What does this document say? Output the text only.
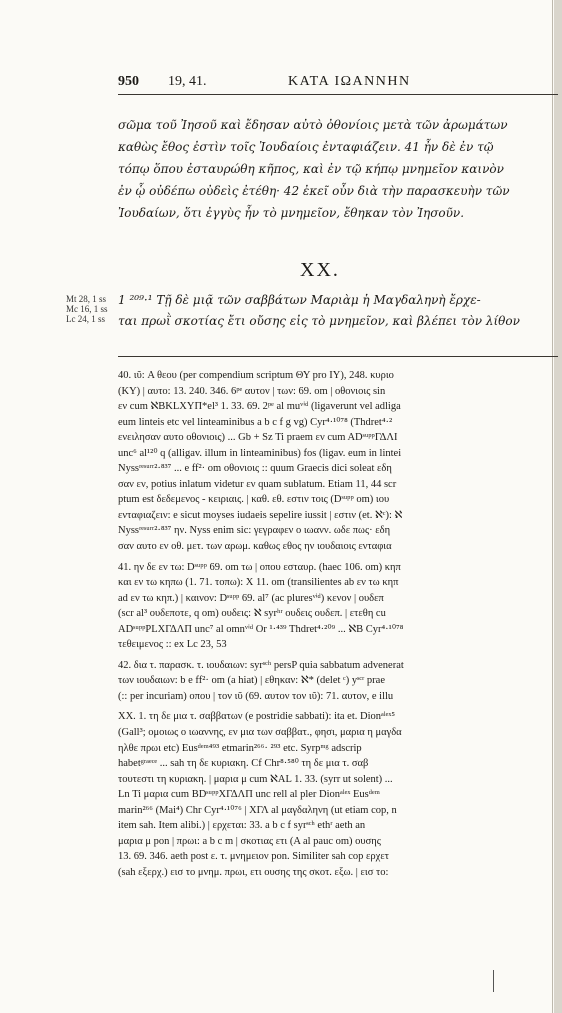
950 19, 41.	ΚΑΤΑ ΙΩΑΝΝΗΝ
σῶμα τοῦ Ἰησοῦ καὶ ἔδησαν αὐτὸ ὀθονίοις μετὰ τῶν ἀρωμάτων
καθὼς ἔθος ἐστὶν τοῖς Ἰουδαίοις ἐνταφιάζειν. 41 ἦν δὲ ἐν τῷ
τόπῳ ὅπου ἐσταυρώθη κῆπος, καὶ ἐν τῷ κήπῳ μνημεῖον καινὸν
ἐν ᾧ οὐδέπω οὐδεὶς ἐτέθη· 42 ἐκεῖ οὖν διὰ τὴν παρασκευὴν τῶν
Ἰουδαίων, ὅτι ἐγγὺς ἦν τὸ μνημεῖον, ἔθηκαν τὸν Ἰησοῦν.
XX.
Mt 28, 1 ss
Mc 16, 1 ss
Lc 24, 1 ss
1 ²⁰⁹·¹ Τῇ δὲ μιᾷ τῶν σαββάτων Μαριὰμ ἡ Μαγδαληνὴ ἔρχε-
ται πρωῒ σκοτίας ἔτι οὔσης εἰς τὸ μνημεῖον, καὶ βλέπει τὸν λίθον
40. ιῦ: A θεου (per compendium scriptum ΘΥ pro ΙΥ), 248. κυριο
(ΚΥ) | αυτο: 13. 240. 346. 6ᵖᵉ αυτον | των: 69. om | οθονιοις sin
εν cum ℵBKLXYΠ*el³ 1. 33. 69. 2ᵖᵉ al muᵛⁱᵈ (ligaverunt vel adliga
eum linteis etc vel linteaminibus a b c f g vg) Cyr⁴·¹⁰⁷⁸ (Thdret⁴·²
ενειλησαν αυτο οθονιοις) ... Gb + Sz Ti praem εν cum ADˢᵘᵖᵖΓΔΛΙ
unc⁶ al¹²⁰ q (alligav. illum in linteaminibus) fos (ligav. eum in lintei
Nyssʳᵉˢᵘʳʳ²·⁸³⁷ ... e ff²· om οθονιοις :: quum Graecis dici soleat εδη
σαν εν, potius inlatum videtur εν quam sublatum. Etiam 11, 44 scr
ptum est δεδεμενος - κειριαις. | καθ. εθ. εστιν τοις (Dˢᵘᵖᵖ om) ιου
ενταφιαζειν: e sicut moyses iudaeis sepelire iussit | εστιν (et. ℵᶜ): ℵ
Nyssʳᵉˢᵘʳʳ²·⁸³⁷ ην. Nyss enim sic: γεγραφεν ο ιωανν. ωδε πως· εδη
σαν αυτο εν οθ. μετ. των αρωμ. καθως εθος ην ιουδαιοις ενταφια
41. ην δε εν τω: Dˢᵘᵖᵖ 69. om τω | οπου εσταυρ. (haec 106. om) κηπ
και εν τω κηπω (1. 71. τοπω): X 11. om (transilientes ab εν τω κηπ
ad εν τω κηπ.) | καινον: Dˢᵘᵖᵖ 69. al⁷ (ac pluresᵛⁱᵈ) κενον | ουδεπ
(scr al³ ουδεποτε, q om) ουδεις: ℵ syrʰʳ ουδεις ουδεπ. | ετεθη cu
ADˢᵘᵖᵖPLXΓΔΛΠ unc⁷ al omnᵛⁱᵈ Or ¹·⁴³⁹ Thdret⁴·²⁰⁹ ... ℵB Cyr⁴·¹⁰⁷⁸
τεθειμενος :: ex Lc 23, 53
42. δια τ. παρασκ. τ. ιουδαιων: syrˢᶜʰ persP quia sabbatum advenerat
των ιουδαιων: b e ff²· om (a hiat) | εθηκαν: ℵ* (delet ᶜ) yˢᶜʳ prae
(:: per incuriam) οπου | τον ιῦ (69. αυτον τον ιῦ): 71. αυτον, e illu
XX. 1. τη δε μια τ. σαββατων (e postridie sabbati): ita et. Dionᵃˡᵉˣ⁵
(Gall³; ομοιως ο ιωαννης, εν μια των σαββατ., φησι, μαρια η μαγδα
ηλθε πρωι etc) Eusᵈᵉᵐ⁴⁹³ etmarin²⁶⁶· ²⁹³ etc. Syrpᵐᵍ adscrip
habetᵍʳᵃᵉᶜᵉ ... sah τη δε κυριακη. Cf Chr⁸·⁵⁸⁰ τη δε μια τ. σαβ
τουτεστι τη κυριακη. | μαρια μ cum ℵAL 1. 33. (syrr ut solent) ...
Ln Ti μαρια cum BDˢᵘᵖᵖXΓΔΛΠ unc rell al pler Dionᵃˡᵉˣ Eusᵈᵉᵐ
marin²⁶⁶ (Mai⁴) Chr Cyr⁴·¹⁰⁷⁶ | XΓΛ al μαγδαληνη (ut etiam cop, n
item sah. Item alibi.) | ερχεται: 33. a b c f syrˢᶜʰ ethʳ aeth an
μαρια μ pon | πρωι: a b c m | σκοτιας ετι (A al pauc om) ουσης
13. 69. 346. aeth post ε. τ. μνημειον pon. Similiter sah cop ερχετ
(sah εξερχ.) εισ το μνημ. πρωι, ετι ουσης της σκοτ. εξω. | εισ το:
